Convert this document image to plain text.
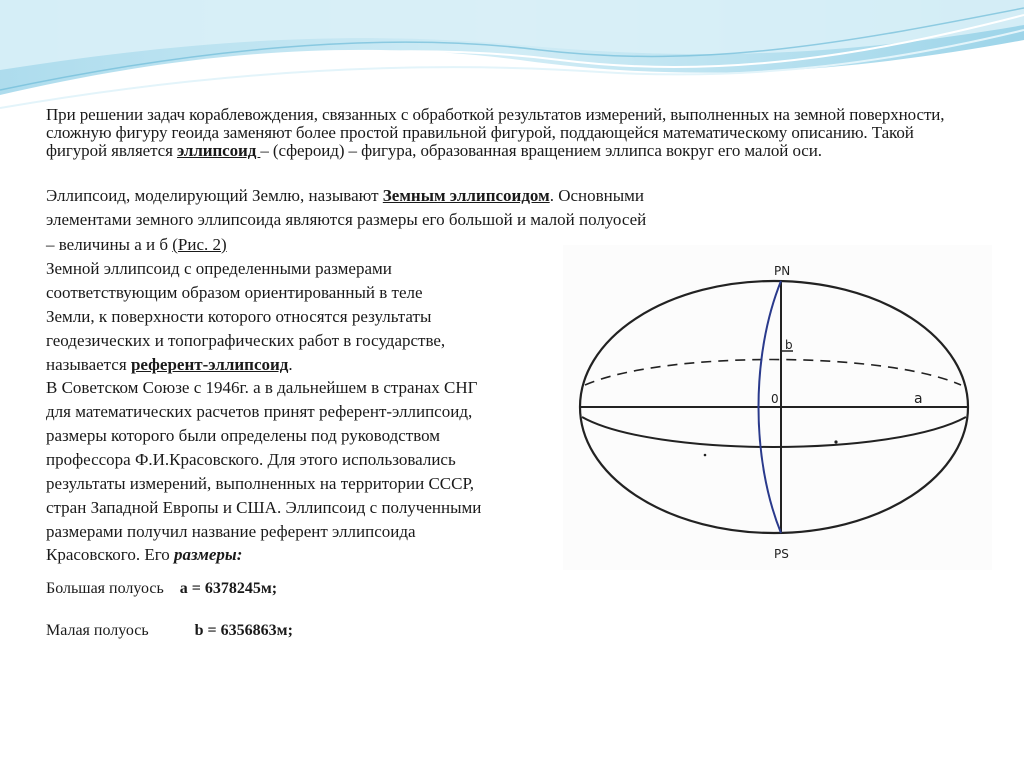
При решении задач кораблевождения, связанных с обработкой результатов измерений, выполненных на земной поверхности, сложную фигуру геоида заменяют более простой правильной фигурой, поддающейся математическому описанию. Такой фигурой является эллипсоид – (сфероид) – фигура, образованная вращением эллипса вокруг его малой оси.

Эллипсоид, моделирующий Землю, называют Земным эллипсоидом. Основными

элементами земного эллипсоида являются размеры его большой и малой полуосей

– величины а и б (Рис. 2)

Земной эллипсоид с определенными размерами

соответствующим образом ориентированный в теле

Земли, к поверхности которого относятся результаты

геодезических и топографических работ в государстве,

называется референт-эллипсоид.

В Советском Союзе с 1946г. а в дальнейшем в странах СНГ

для математических расчетов принят референт-эллипсоид,

размеры которого были определены под руководством

профессора Ф.И.Красовского. Для этого использовались

результаты измерений, выполненных на территории СССР,

стран Западной Европы и США. Эллипсоид с полученными

размерами получил название референт эллипсоида

Красовского. Его размеры:

Большая полуось а = 6378245м;
Малая полуось	b = 6356863м;
PN
PS
b
0	a
